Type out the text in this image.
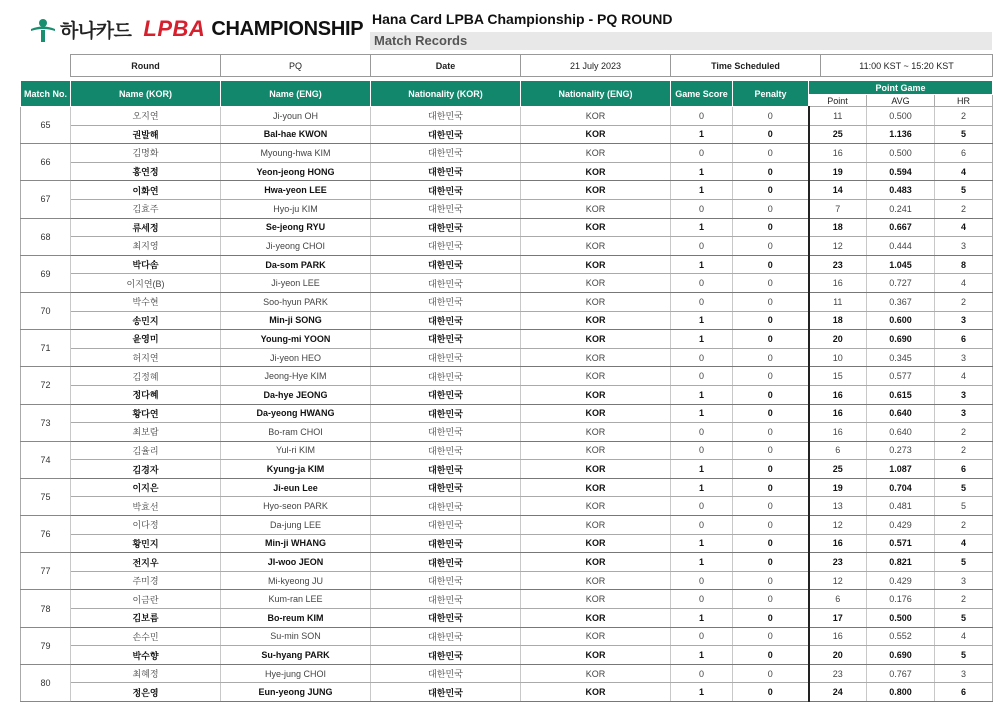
하나카드 LPBA CHAMPIONSHIP Hana Card LPBA Championship - PQ ROUND
Match Records
Round	PQ	Date	21 July 2023	Time Scheduled	11:00 KST ~ 15:20 KST
Match No.	Name (KOR)	Name (ENG)	Nationality (KOR)	Nationality (ENG)	Game Score	Penalty	Point Game		
							Point	AVG	HR
65	오지연	Ji-youn OH	대한민국	KOR	0	0	11	0.500	2
	권발해	Bal-hae KWON	대한민국	KOR	1	0	25	1.136	5
66	김명화	Myoung-hwa KIM	대한민국	KOR	0	0	16	0.500	6
	홍연정	Yeon-jeong HONG	대한민국	KOR	1	0	19	0.594	4
67	이화연	Hwa-yeon LEE	대한민국	KOR	1	0	14	0.483	5
	김효주	Hyo-ju KIM	대한민국	KOR	0	0	7	0.241	2
68	류세정	Se-jeong RYU	대한민국	KOR	1	0	18	0.667	4
	최지영	Ji-yeong CHOI	대한민국	KOR	0	0	12	0.444	3
69	박다솜	Da-som PARK	대한민국	KOR	1	0	23	1.045	8
	이지연(B)	Ji-yeon LEE	대한민국	KOR	0	0	16	0.727	4
70	박수현	Soo-hyun PARK	대한민국	KOR	0	0	11	0.367	2
	송민지	Min-ji SONG	대한민국	KOR	1	0	18	0.600	3
71	윤영미	Young-mi YOON	대한민국	KOR	1	0	20	0.690	6
	허지연	Ji-yeon HEO	대한민국	KOR	0	0	10	0.345	3
72	김정혜	Jeong-Hye KIM	대한민국	KOR	0	0	15	0.577	4
	정다혜	Da-hye JEONG	대한민국	KOR	1	0	16	0.615	3
73	황다연	Da-yeong HWANG	대한민국	KOR	1	0	16	0.640	3
	최보람	Bo-ram CHOI	대한민국	KOR	0	0	16	0.640	2
74	김율리	Yul-ri KIM	대한민국	KOR	0	0	6	0.273	2
	김경자	Kyung-ja KIM	대한민국	KOR	1	0	25	1.087	6
75	이지은	Ji-eun Lee	대한민국	KOR	1	0	19	0.704	5
	박효선	Hyo-seon PARK	대한민국	KOR	0	0	13	0.481	5
76	이다정	Da-jung LEE	대한민국	KOR	0	0	12	0.429	2
	황민지	Min-ji WHANG	대한민국	KOR	1	0	16	0.571	4
77	전지우	JI-woo JEON	대한민국	KOR	1	0	23	0.821	5
	주미경	Mi-kyeong JU	대한민국	KOR	0	0	12	0.429	3
78	이금란	Kum-ran LEE	대한민국	KOR	0	0	6	0.176	2
	김보름	Bo-reum KIM	대한민국	KOR	1	0	17	0.500	5
79	손수민	Su-min SON	대한민국	KOR	0	0	16	0.552	4
	박수향	Su-hyang PARK	대한민국	KOR	1	0	20	0.690	5
80	최혜정	Hye-jung CHOI	대한민국	KOR	0	0	23	0.767	3
	정은영	Eun-yeong JUNG	대한민국	KOR	1	0	24	0.800	6
